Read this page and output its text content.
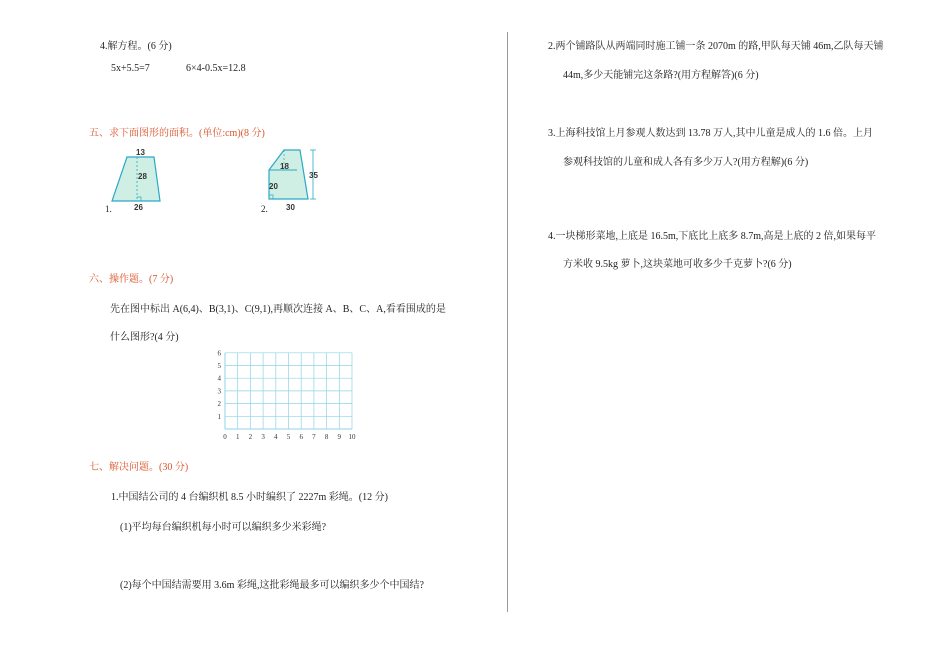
4.解方程。(6 分)
5x+5.5=7	6×4-0.5x=12.8
五、求下面图形的面积。(单位:cm)(8 分)
13
28
26
1.
18
20
35
30
2.
六、操作题。(7 分)
先在图中标出 A(6,4)、B(3,1)、C(9,1),再顺次连接 A、B、C、A,看看围成的是
什么图形?(4 分)
0 1 2 3 4 5 6 7 8 9 10
1
2
3
4
5
6
七、解决问题。(30 分)
1.中国结公司的 4 台编织机 8.5 小时编织了 2227m 彩绳。(12 分)
(1)平均每台编织机每小时可以编织多少米彩绳?
(2)每个中国结需要用 3.6m 彩绳,这批彩绳最多可以编织多少个中国结?
2.两个铺路队从两端同时施工铺一条 2070m 的路,甲队每天铺 46m,乙队每天铺
44m,多少天能铺完这条路?(用方程解答)(6 分)
3.上海科技馆上月参观人数达到 13.78 万人,其中儿童是成人的 1.6 倍。上月
参观科技馆的儿童和成人各有多少万人?(用方程解)(6 分)
4.一块梯形菜地,上底是 16.5m,下底比上底多 8.7m,高是上底的 2 倍,如果每平
方米收 9.5kg 萝卜,这块菜地可收多少千克萝卜?(6 分)
